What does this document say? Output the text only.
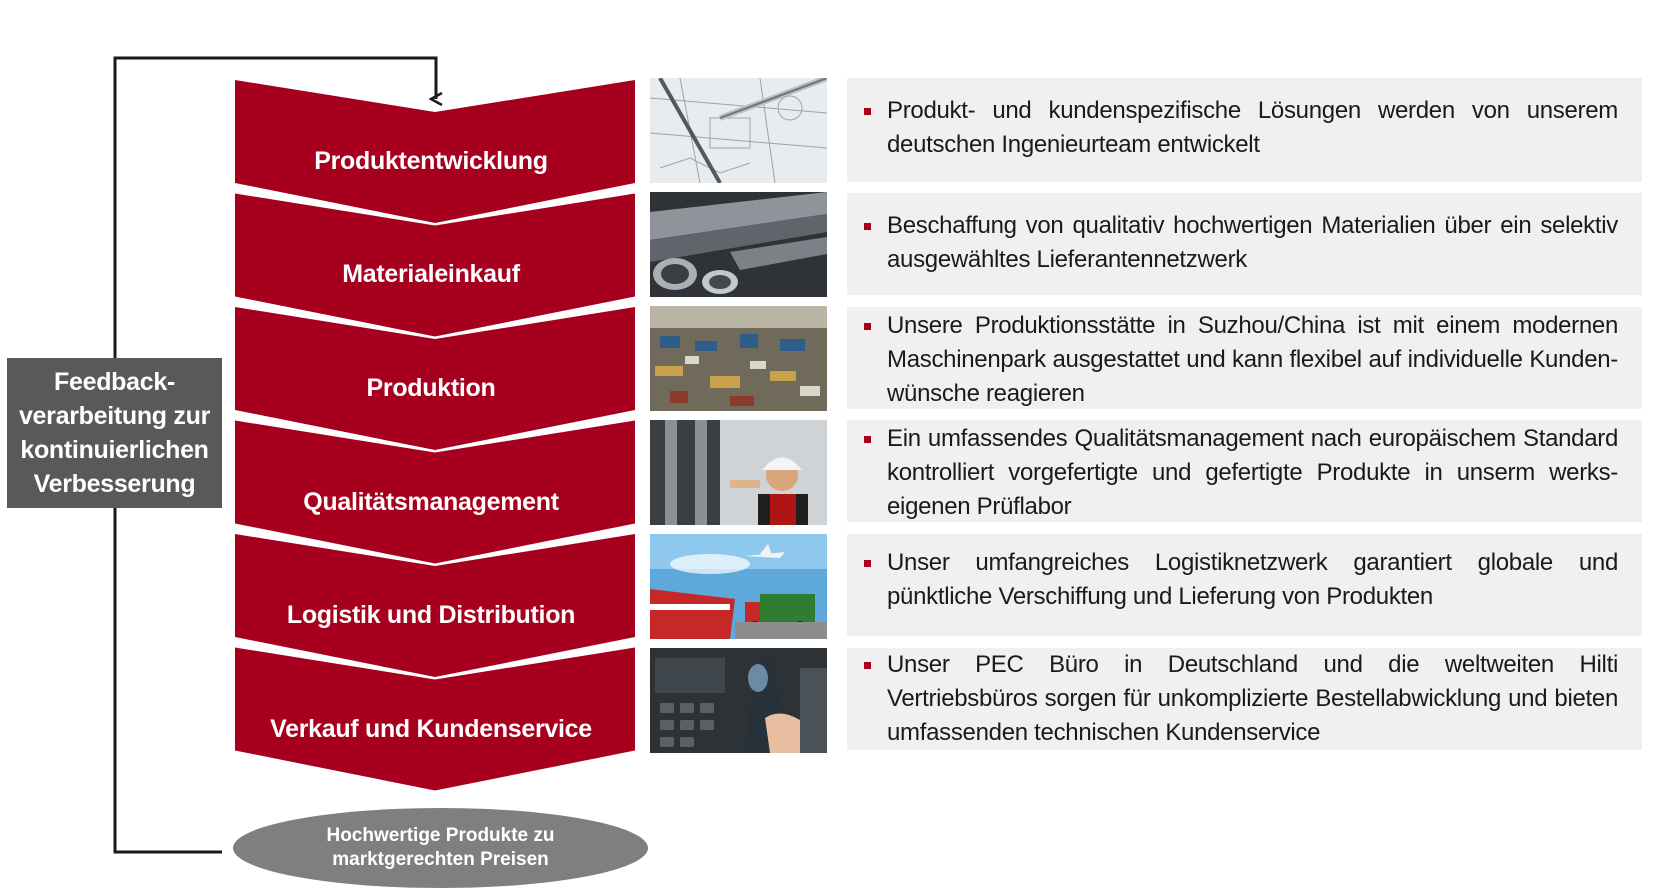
Produktentwicklung
Materialeinkauf
Produktion
Qualitätsmanagement
Logistik und Distribution
Verkauf und Kundenservice
Produkt- und kundenspezifische Lösungen werden von unserem deutschen Ingenieurteam entwickelt
Beschaffung von qualitativ hochwertigen Materialien über ein selektiv ausgewähltes Lieferantennetzwerk
Unsere Produktionsstätte in Suzhou/China ist mit einem modernen Maschinenpark ausgestattet und kann flexibel auf individuelle Kunden-wünsche reagieren
Ein umfassendes Qualitätsmanagement nach europäischem Standard kontrolliert vorgefertigte und gefertigte Produkte in unserm werks-eigenen Prüflabor
Unser umfangreiches Logistiknetzwerk garantiert globale und pünktliche Verschiffung und Lieferung von Produkten
Unser PEC Büro in Deutschland und die weltweiten Hilti Vertriebsbüros sorgen für unkomplizierte Bestellabwicklung und bieten umfassenden technischen Kundenservice
Feedback-verarbeitung zur kontinuierlichen Verbesserung
Hochwertige Produkte zu marktgerechten Preisen
